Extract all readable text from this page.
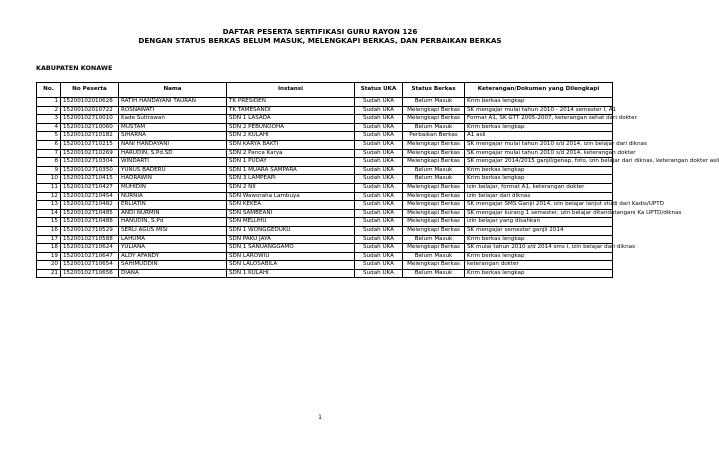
DAFTAR PESERTA SERTIFIKASI GURU RAYON 126
DENGAN STATUS BERKAS BELUM MASUK, MELENGKAPI BERKAS, DAN PERBAIKAN BERKAS
KABUPATEN KONAWE
No.	No Peserta	Nama	Instansi	Status UKA	Status Berkas	Keterangan/Dokumen yang Dilengkapi
1	15200102010628	RATIH HANDAYANI TAURAN	TK PRESIDEN	Sudah UKA	Belum Masuk	Krim berkas lengkap
2	15200102010722	ROSNAWATI	TK TAMESANDI	Sudah UKA	Melengkapi Berkas	SK mengajar mulai tahun 2010 - 2014 semester I, A1
3	15200102710010	Kade Sultrawan	SDN 1 LASADA	Sudah UKA	Melengkapi Berkas	Format A1, SK GTT 2005-2007, keterangan sehat dari dokter
4	15200102710060	MUSTAM	SDN 2 PEBUNOOHA	Sudah UKA	Belum Masuk	Krim berkas lengkap
5	15200102710182	SIHARNA	SDN 2 KULAHI	Sudah UKA	Perbaikan Berkas	A1 asli
6	15200102710215	NANI HANDAYANI	SDN KARYA BAKTI	Sudah UKA	Melengkapi Berkas	SK mengajar mulai tahun 2010 s/d 2014, izin belajar dari diknas
7	15200102710269	HARUDIN, S.Pd.SD	SDN 2 Panca Karya	Sudah UKA	Melengkapi Berkas	SK mengajar mulai tahun 2010 s/d 2014, keterangan dokter
8	15200102710304	WINDARTI	SDN 1 PUDAY	Sudah UKA	Melengkapi Berkas	SK mengajar 2014/2015 ganjil/genap, foto, izin belajar dari diknas, keterangan dokter asli
9	15200102710350	YUNUS BADERU	SDN 1 MUARA SAMPARA	Sudah UKA	Belum Masuk	Krim berkas lengkap
10	15200102710415	HADRAWIN	SDN 3 LAMPEAPI	Sudah UKA	Belum Masuk	Krim berkas lengkap
11	15200102710427	MUHIDIN	SDN 2 NII	Sudah UKA	Melengkapi Berkas	izin belajar, format A1, keterangan dokter
12	15200102710454	NURNIA	SDN Waworaha Lambuya	Sudah UKA	Melengkapi Berkas	izin belajar dari diknas
13	15200102710482	ERLIATIN	SDN KEKEA	Sudah UKA	Melengkapi Berkas	SK mengajar SMS Ganjil 2014, izin belajar lanjut studi dari Kadis/UPTD
14	15200102710485	ANDI NURMIN	SDN SAMBEANI	Sudah UKA	Melengkapi Berkas	SK mengajar kurang 1 semester, izin belajar ditandatangani Ka UPTD/diknas
15	15200102710488	HANUDIN, S.Pd	SDN MELUHU	Sudah UKA	Melengkapi Berkas	izin belajar yang disahkan
16	15200102710529	SERLI AGUS MISI	SDN 1 WONGGEDUKU	Sudah UKA	Melengkapi Berkas	SK mengajar semester ganjil 2014
17	15200102710588	LAHUMA	SDN PAKU JAYA	Sudah UKA	Belum Masuk	Krim berkas lengkap
18	15200102710624	YULIANA	SDN 1 SANUANGGAMO	Sudah UKA	Melengkapi Berkas	SK mulai tahun 2010 s/d 2014 sms I, izin belajar dari diknas
19	15200102710647	ALDY AFANDY	SDN LAROWIU	Sudah UKA	Belum Masuk	Krim berkas lengkap
20	15200102710654	SAHIMUDDIN	SDN LALOSABILA	Sudah UKA	Melengkapi Berkas	keterangan dokter
21	15200102710656	DIANA	SDN 1 KULAHI	Sudah UKA	Belum Masuk	Krim berkas lengkap
1
